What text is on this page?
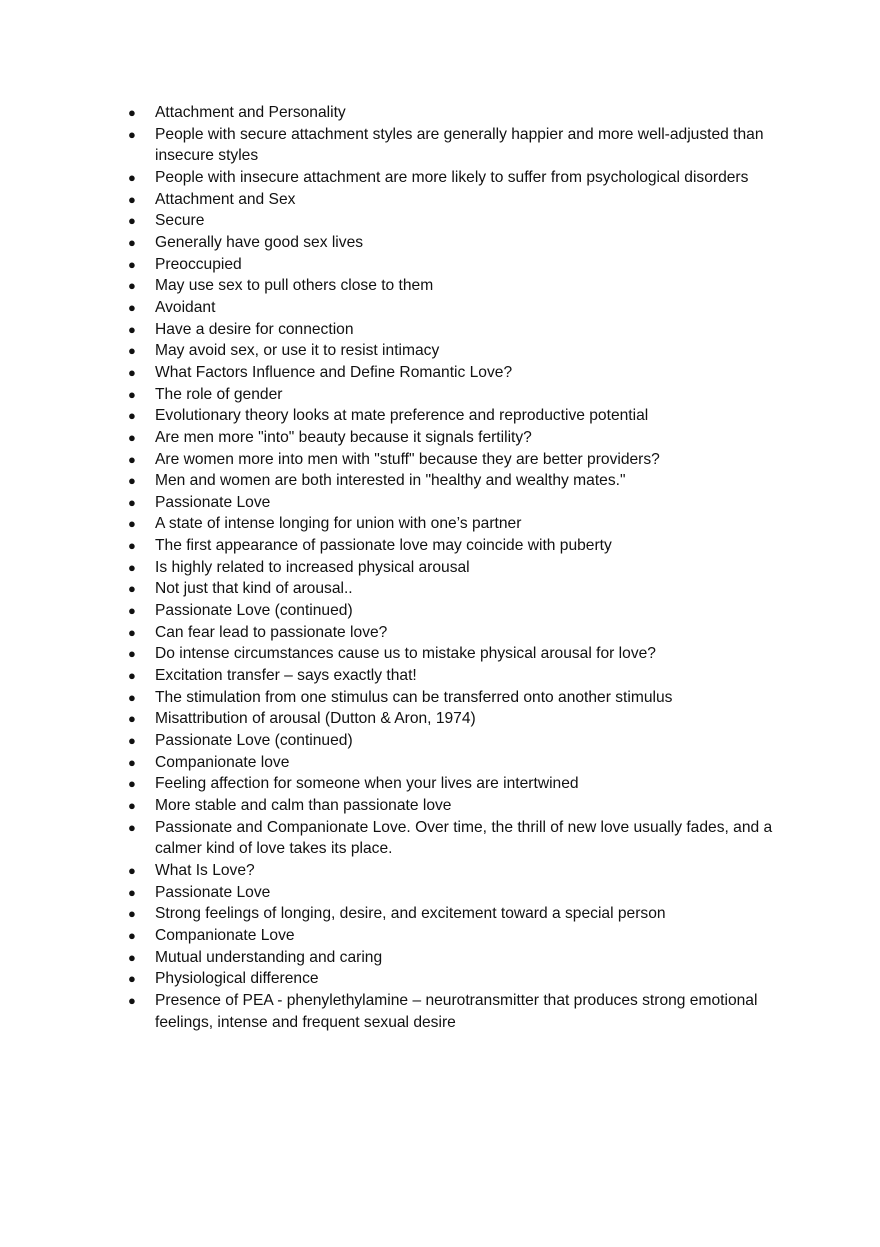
● Attachment and Personality
● People with secure attachment styles are generally happier and more well-adjusted than insecure styles
● People with insecure attachment are more likely to suffer from psychological disorders
● Attachment and Sex
● Secure
● Generally have good sex lives
● Preoccupied
● May use sex to pull others close to them
● Avoidant
● Have a desire for connection
● May avoid sex, or use it to resist intimacy
● What Factors Influence and Define Romantic Love?
● The role of gender
● Evolutionary theory looks at mate preference and reproductive potential
● Are men more "into" beauty because it signals fertility?
● Are women more into men with "stuff" because they are better providers?
● Men and women are both interested in "healthy and wealthy mates."
● Passionate Love
● A state of intense longing for union with one’s partner
● The first appearance of passionate love may coincide with puberty
● Is highly related to increased physical arousal
● Not just that kind of arousal..
● Passionate Love (continued)
● Can fear lead to passionate love?
● Do intense circumstances cause us to mistake physical arousal for love?
● Excitation transfer – says exactly that!
● The stimulation from one stimulus can be transferred onto another stimulus
● Misattribution of arousal (Dutton & Aron, 1974)
● Passionate Love (continued)
● Companionate love
● Feeling affection for someone when your lives are intertwined
● More stable and calm than passionate love
● Passionate and Companionate Love. Over time, the thrill of new love usually fades, and a calmer kind of love takes its place.
● What Is Love?
● Passionate Love
● Strong feelings of longing, desire, and excitement toward a special person
● Companionate Love
● Mutual understanding and caring
● Physiological difference
● Presence of PEA - phenylethylamine – neurotransmitter that produces strong emotional feelings, intense and frequent sexual desire
